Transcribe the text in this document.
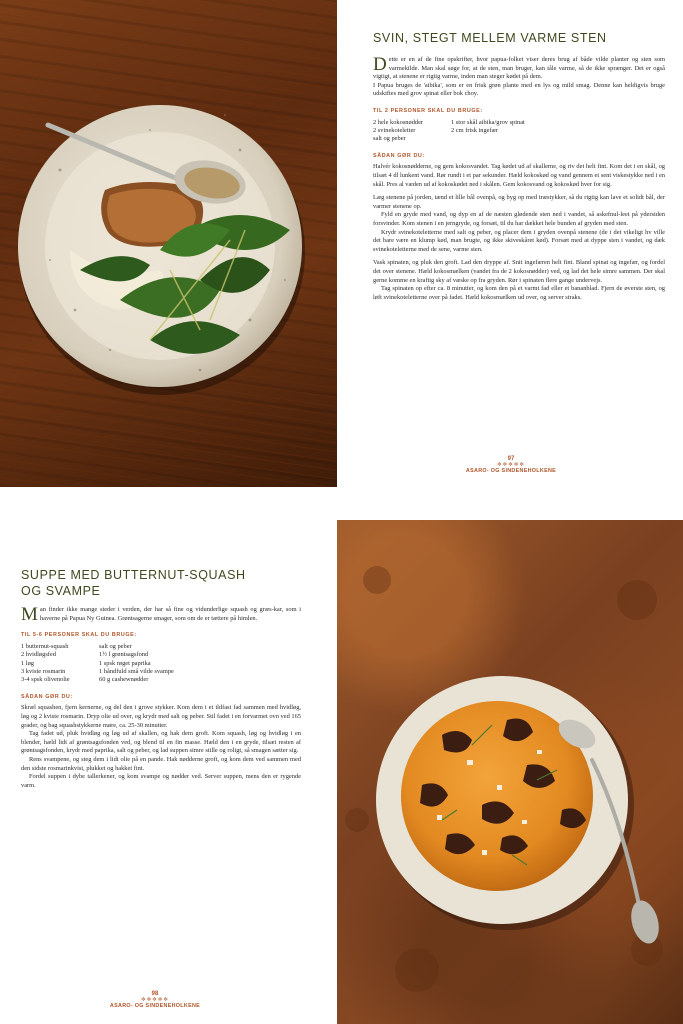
SVIN, STEGT MELLEM VARME STEN

Dette er en af de fine opskrifter, hvor papua-folket viser deres brug af både vilde planter og sten som varmekilde. Man skal søge for, at de sten, man bruger, kan tåle varme, så de ikke sprænger. Det er også vigtigt, at stenene er rigtig varme, inden man steger kødet på dem.

I Papua bruges de 'aibika', som er en frisk grøn plante med en lys og mild smag. Denne kan heldigvis bruge udskiftes med grov spinat eller bok choy.

TIL 2 PERSONER SKAL DU BRUGE:
2 hele kokosnødder	1 stor skål aibika/grov spinat
2 svinekoteletter	2 cm frisk ingefær
salt og peber
SÅDAN GØR DU:

Halvér kokosnødderne, og gem kokosvandet. Tag kødet ud af skallerne, og riv det helt fint. Kom det i en skål, og tilsæt 4 dl lunkent vand. Rør rundt i et par sekunder. Hæld kokoskød og vand gennem et sent viskestykke ned i en skål. Pres al væden ud af kokoskødet ned i skålen. Gem kokosvand og kokoskød hver for sig.

Læg stenene på jorden, tænd et lille bål ovenpå, og byg op med træstykker, så du rigtig kan lave et solidt bål, der varmer stenene op.

Fyld en gryde med vand, og dyp en af de næsten glødende sten ned i vandet, så askefnul-leet på ydersiden forsvinder. Kom stenen i en jerngryde, og forsæt, til du har dækket hele bunden af gryden med sten.

Krydr svinekoteletterne med salt og peber, og placer dem i gryden ovenpå stenene (de i det vikeligt hv ville det bare være en klump kød, man brugte, og ikke skiveskåret kød). Forsæt med at dyppe sten i vandet, og dæk svinekoteletterne med de sene, varme sten.

Vask spinaten, og pluk den groft. Lad den dryppe af. Snit ingefæren helt fint. Bland spinat og ingefær, og fordel det over stenene. Hæld kokosmælken (vandet fra de 2 kokosnødder) ved, og lad det hele simre sammen. Der skal gerne komme en kraftig sky af væske op fra gryden. Rør i spinaten flere gange undervejs.

Tag spinaten op efter ca. 8 minutter, og kom den på et varmt fad eller et bananblad. Fjern de øverste sten, og løft svinekoteletterne over på fadet. Hæld kokosmælken ud over, og server straks.

97
✲✲✲✲✲
ASARO- OG SINDENEHOLKENE
SUPPE MED BUTTERNUT-SQUASH OG SVAMPE

Man finder ikke mange steder i verden, der har så fine og vidunderlige squash og græs-kar, som i haverne på Papua Ny Guinea. Grøntsagerne smager, som om de er tættere på himlen.

TIL 5-6 PERSONER SKAL DU BRUGE:
1 butternut-squash	salt og peber
2 hvidløgsfed	1½ l grøntsagsfond
1 løg	1 spsk røget paprika
3 kviste rosmarin	1 håndfuld små vilde svampe
3-4 spsk olivenolie	60 g cashewnødder
SÅDAN GØR DU:

Skræl squashen, fjern kernerne, og del den i grove stykker. Kom dem i et ildfast fad sammen med hvidløg, løg og 2 kviste rosmarin. Dryp olie ud over, og krydr med salt og peber. Stil fadet i en forvarmet ovn ved 165 grader, og bag squashstykkerne møre, ca. 25-30 minutter.

Tag fadet ud, pluk hvidløg og løg ud af skallen, og hak dem groft. Kom squash, løg og hvidløg i en blender, hæld lidt af grøntsagsfonden ved, og blend til en fin masse. Hæld den i en gryde, tilsæt resten af grøntsagsfonden, krydr med paprika, salt og peber, og lad suppen simre stille og roligt, så smagen sætter sig.

Rens svampene, og steg dem i lidt olie på en pande. Hak nødderne groft, og kom dem ved sammen med den sidste rosmarinkvist, plukket og hakket fint.

Fordel suppen i dybe tallerkener, og kom svampe og nødder ved. Server suppen, mens den er rygende varm.

98
✲✲✲✲✲
ASARO- OG SINDENEHOLKENE
